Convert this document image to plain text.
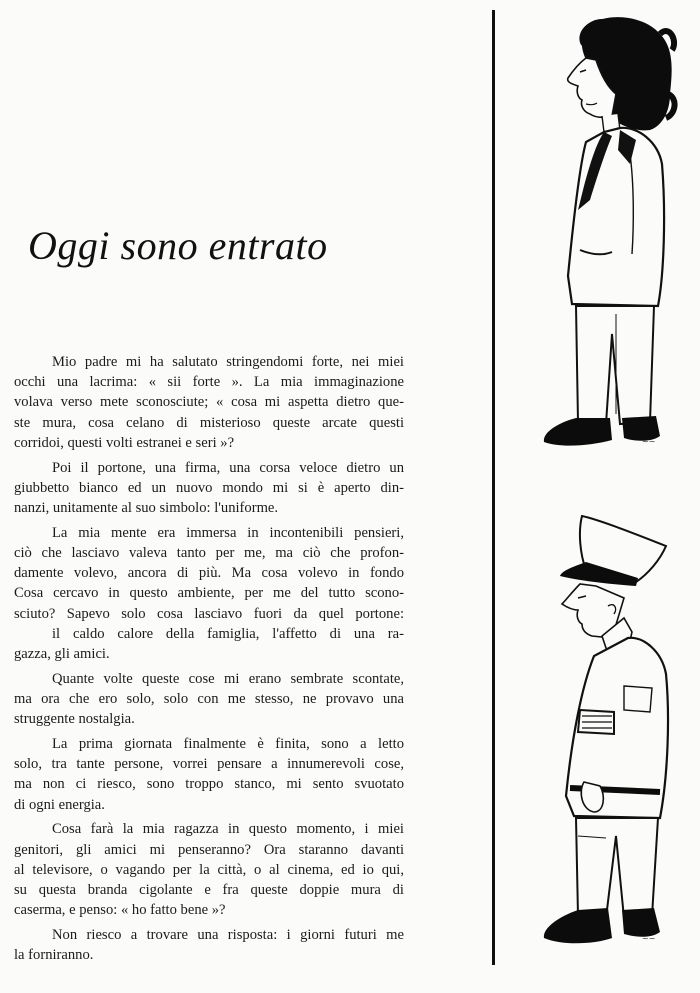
Oggi sono entrato
Mio padre mi ha salutato stringendomi forte, nei miei
occhi una lacrima: « sii forte ». La mia immaginazione
volava verso mete sconosciute; « cosa mi aspetta dietro que-
ste mura, cosa celano di misterioso queste arcate questi
corridoi, questi volti estranei e seri »?
Poi il portone, una firma, una corsa veloce dietro un
giubbetto bianco ed un nuovo mondo mi si è aperto din-
nanzi, unitamente al suo simbolo: l'uniforme.
La mia mente era immersa in incontenibili pensieri,
ciò che lasciavo valeva tanto per me, ma ciò che profon-
damente volevo, ancora di più. Ma cosa volevo in fondo
Cosa cercavo in questo ambiente, per me del tutto scono-
sciuto? Sapevo solo cosa lasciavo fuori da quel portone:
il caldo calore della famiglia, l'affetto di una ra-
gazza, gli amici.
Quante volte queste cose mi erano sembrate scontate,
ma ora che ero solo, solo con me stesso, ne provavo una
struggente nostalgia.
La prima giornata finalmente è finita, sono a letto
solo, tra tante persone, vorrei pensare a innumerevoli cose,
ma non ci riesco, sono troppo stanco, mi sento svuotato
di ogni energia.
Cosa farà la mia ragazza in questo momento, i miei
genitori, gli amici mi penseranno? Ora staranno davanti
al televisore, o vagando per la città, o al cinema, ed io qui,
su questa branda cigolante e fra queste doppie mura di
caserma, e penso: « ho fatto bene »?
Non riesco a trovare una risposta: i giorni futuri me
la forniranno.
~~
~~
